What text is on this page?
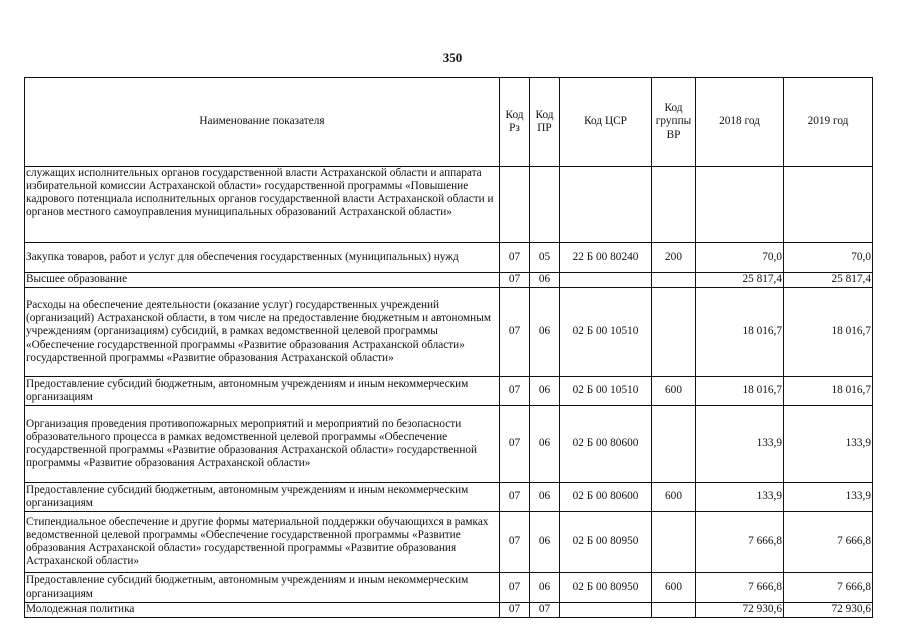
350
Наименование показателя	Код Рз	Код ПР	Код ЦСР	Код группы ВР	2018 год	2019 год
служащих исполнительных органов государственной власти Астраханской области и аппарата избирательной комиссии Астраханской области» государственной программы «Повышение кадрового потенциала исполнительных органов государственной власти Астраханской области и органов местного самоуправления муниципальных образований Астраханской области»						
Закупка товаров, работ и услуг для обеспечения государственных (муниципальных) нужд	07	05	22 Б 00 80240	200	70,0	70,0
Высшее образование	07	06			25 817,4	25 817,4
Расходы на обеспечение деятельности (оказание услуг) государственных учреждений (организаций) Астраханской области, в том числе на предоставление бюджетным и автономным учреждениям (организациям) субсидий, в рамках ведомственной целевой программы «Обеспечение государственной программы «Развитие образования Астраханской области» государственной программы «Развитие образования Астраханской области»	07	06	02 Б 00 10510		18 016,7	18 016,7
Предоставление субсидий бюджетным, автономным учреждениям и иным некоммерческим организациям	07	06	02 Б 00 10510	600	18 016,7	18 016,7
Организация проведения противопожарных мероприятий и мероприятий по безопасности образовательного процесса в рамках ведомственной целевой программы «Обеспечение государственной программы «Развитие образования Астраханской области» государственной программы «Развитие образования Астраханской области»	07	06	02 Б 00 80600		133,9	133,9
Предоставление субсидий бюджетным, автономным учреждениям и иным некоммерческим организациям	07	06	02 Б 00 80600	600	133,9	133,9
Стипендиальное обеспечение и другие формы материальной поддержки обучающихся в рамках ведомственной целевой программы «Обеспечение государственной программы «Развитие образования Астраханской области» государственной программы «Развитие образования Астраханской области»	07	06	02 Б 00 80950		7 666,8	7 666,8
Предоставление субсидий бюджетным, автономным учреждениям и иным некоммерческим организациям	07	06	02 Б 00 80950	600	7 666,8	7 666,8
Молодежная политика	07	07			72 930,6	72 930,6
